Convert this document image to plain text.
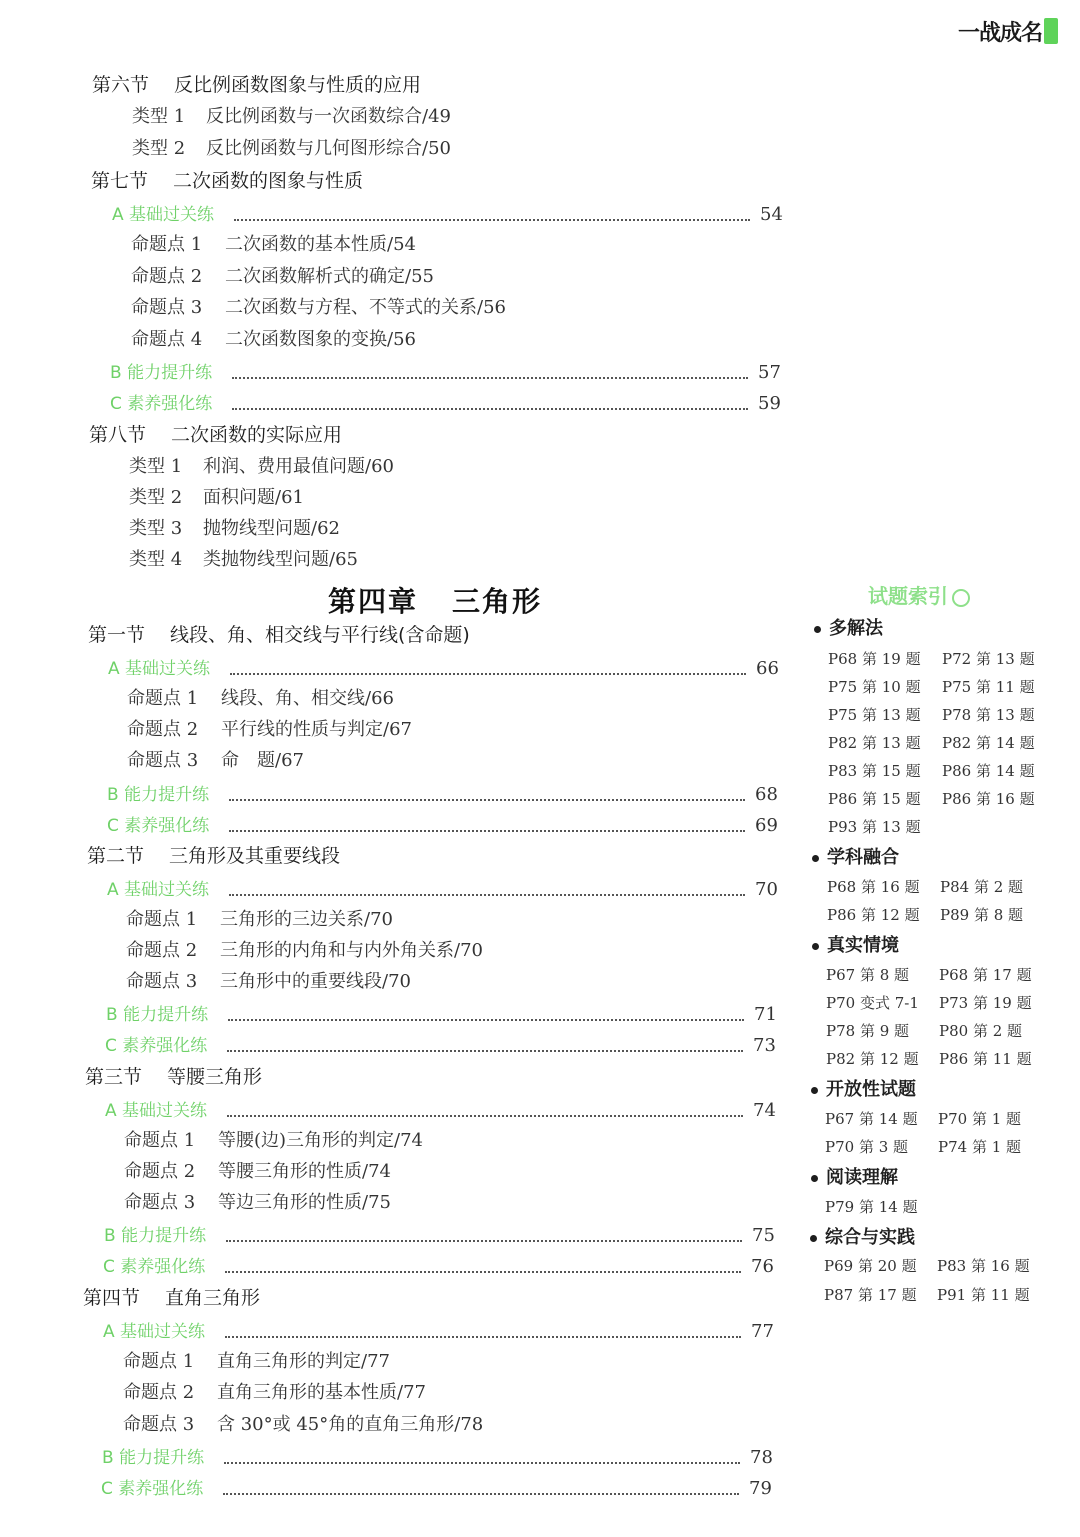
一战成名
第六节 反比例函数图象与性质的应用
类型 1 反比例函数与一次函数综合/49
类型 2 反比例函数与几何图形综合/50
第七节 二次函数的图象与性质
A 基础过关练	54
命题点 1 二次函数的基本性质/54
命题点 2 二次函数解析式的确定/55
命题点 3 二次函数与方程、不等式的关系/56
命题点 4 二次函数图象的变换/56
B 能力提升练	57
C 素养强化练	59
第八节 二次函数的实际应用
类型 1 利润、费用最值问题/60
类型 2 面积问题/61
类型 3 抛物线型问题/62
类型 4 类抛物线型问题/65
第四章 三角形
第一节 线段、角、相交线与平行线(含命题)
A 基础过关练	66
命题点 1 线段、角、相交线/66
命题点 2 平行线的性质与判定/67
命题点 3 命　题/67
B 能力提升练	68
C 素养强化练	69
第二节 三角形及其重要线段
A 基础过关练	70
命题点 1 三角形的三边关系/70
命题点 2 三角形的内角和与内外角关系/70
命题点 3 三角形中的重要线段/70
B 能力提升练	71
C 素养强化练	73
第三节 等腰三角形
A 基础过关练	74
命题点 1 等腰(边)三角形的判定/74
命题点 2 等腰三角形的性质/74
命题点 3 等边三角形的性质/75
B 能力提升练	75
C 素养强化练	76
第四节 直角三角形
A 基础过关练	77
命题点 1 直角三角形的判定/77
命题点 2 直角三角形的基本性质/77
命题点 3 含 30°或 45°角的直角三角形/78
B 能力提升练	78
C 素养强化练	79
试题索引
多解法
P68 第 19 题 P72 第 13 题
P75 第 10 题 P75 第 11 题
P75 第 13 题 P78 第 13 题
P82 第 13 题 P82 第 14 题
P83 第 15 题 P86 第 14 题
P86 第 15 题 P86 第 16 题
P93 第 13 题
学科融合
P68 第 16 题 P84 第 2 题
P86 第 12 题 P89 第 8 题
真实情境
P67 第 8 题 P68 第 17 题
P70 变式 7-1 P73 第 19 题
P78 第 9 题 P80 第 2 题
P82 第 12 题 P86 第 11 题
开放性试题
P67 第 14 题 P70 第 1 题
P70 第 3 题 P74 第 1 题
阅读理解
P79 第 14 题
综合与实践
P69 第 20 题 P83 第 16 题
P87 第 17 题 P91 第 11 题
